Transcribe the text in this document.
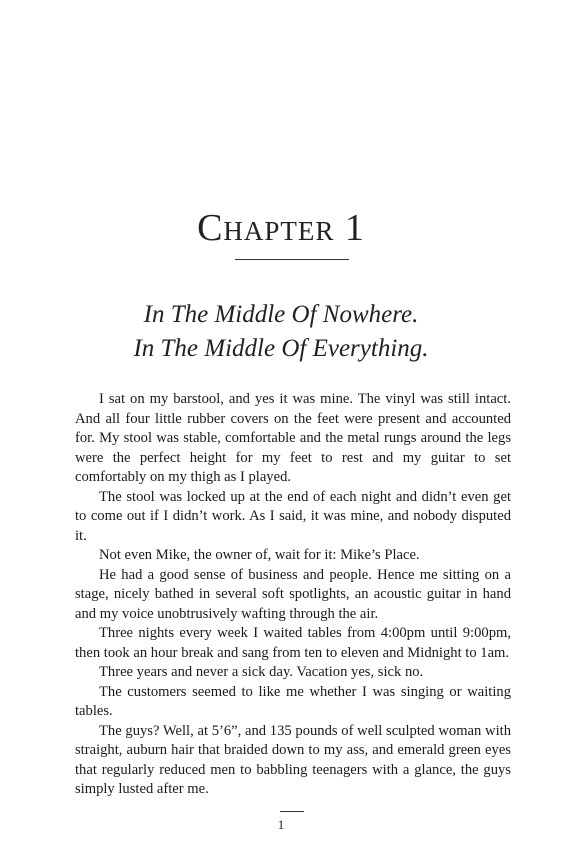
Chapter 1
In The Middle Of Nowhere.
In The Middle Of Everything.

I sat on my barstool, and yes it was mine. The vinyl was still intact. And all four little rubber covers on the feet were present and accounted for. My stool was stable, comfortable and the metal rungs around the legs were the perfect height for my feet to rest and my guitar to set comfortably on my thigh as I played.

The stool was locked up at the end of each night and didn’t even get to come out if I didn’t work. As I said, it was mine, and nobody disputed it.

Not even Mike, the owner of, wait for it: Mike’s Place.

He had a good sense of business and people. Hence me sitting on a stage, nicely bathed in several soft spotlights, an acoustic guitar in hand and my voice unobtrusively wafting through the air.

Three nights every week I waited tables from 4:00pm until 9:00pm, then took an hour break and sang from ten to eleven and Midnight to 1am.

Three years and never a sick day. Vacation yes, sick no.

The customers seemed to like me whether I was singing or waiting tables.

The guys? Well, at 5’6”, and 135 pounds of well sculpted woman with straight, auburn hair that braided down to my ass, and emerald green eyes that regularly reduced men to babbling teenagers with a glance, the guys simply lusted after me.

1
